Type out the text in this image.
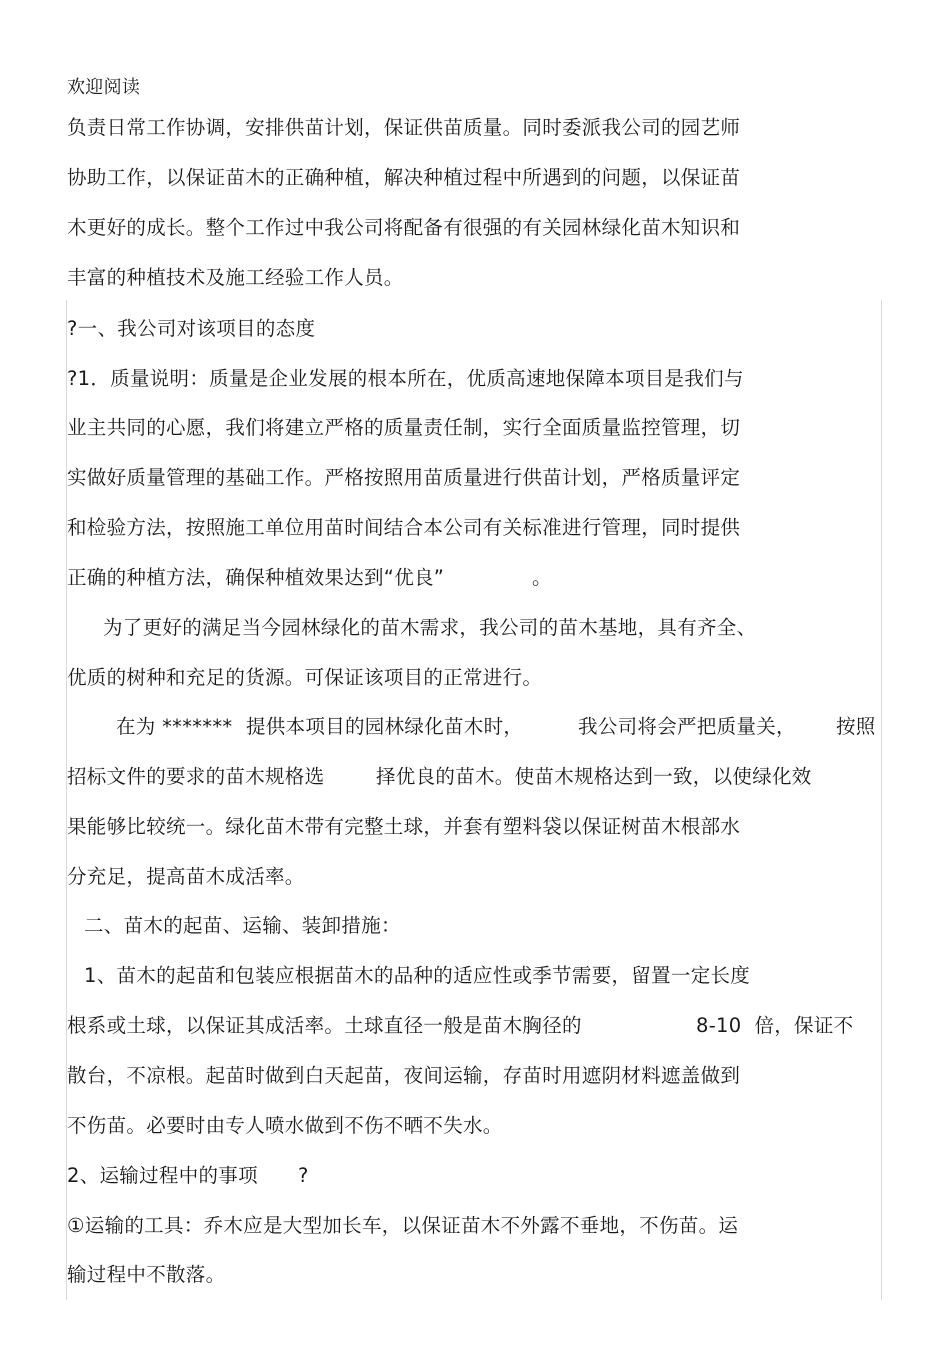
欢迎阅读
负责日常工作协调，安排供苗计划，保证供苗质量。同时委派我公司的园艺师
协助工作，以保证苗木的正确种植，解决种植过程中所遇到的问题，以保证苗
木更好的成长。整个工作过中我公司将配备有很强的有关园林绿化苗木知识和
丰富的种植技术及施工经验工作人员。
?一、我公司对该项目的态度
?1．质量说明：质量是企业发展的根本所在，优质高速地保障本项目是我们与
业主共同的心愿，我们将建立严格的质量责任制，实行全面质量监控管理，切
实做好质量管理的基础工作。严格按照用苗质量进行供苗计划，严格质量评定
和检验方法，按照施工单位用苗时间结合本公司有关标准进行管理，同时提供
正确的种植方法，确保种植效果达到“优良”	。
为了更好的满足当今园林绿化的苗木需求，我公司的苗木基地，具有齐全、
优质的树种和充足的货源。可保证该项目的正常进行。
在为 ******* 提供本项目的园林绿化苗木时，	我公司将会严把质量关， 按照
招标文件的要求的苗木规格选	择优良的苗木。使苗木规格达到一致，以使绿化效
果能够比较统一。绿化苗木带有完整土球，并套有塑料袋以保证树苗木根部水
分充足，提高苗木成活率。
二、苗木的起苗、运输、装卸措施：
1、苗木的起苗和包装应根据苗木的品种的适应性或季节需要，留置一定长度
根系或土球，以保证其成活率。土球直径一般是苗木胸径的	8-10  倍，保证不
散台，不凉根。起苗时做到白天起苗，夜间运输，存苗时用遮阴材料遮盖做到
不伤苗。必要时由专人喷水做到不伤不晒不失水。
2、运输过程中的事项 ?
①运输的工具：乔木应是大型加长车，以保证苗木不外露不垂地，不伤苗。运
输过程中不散落。
